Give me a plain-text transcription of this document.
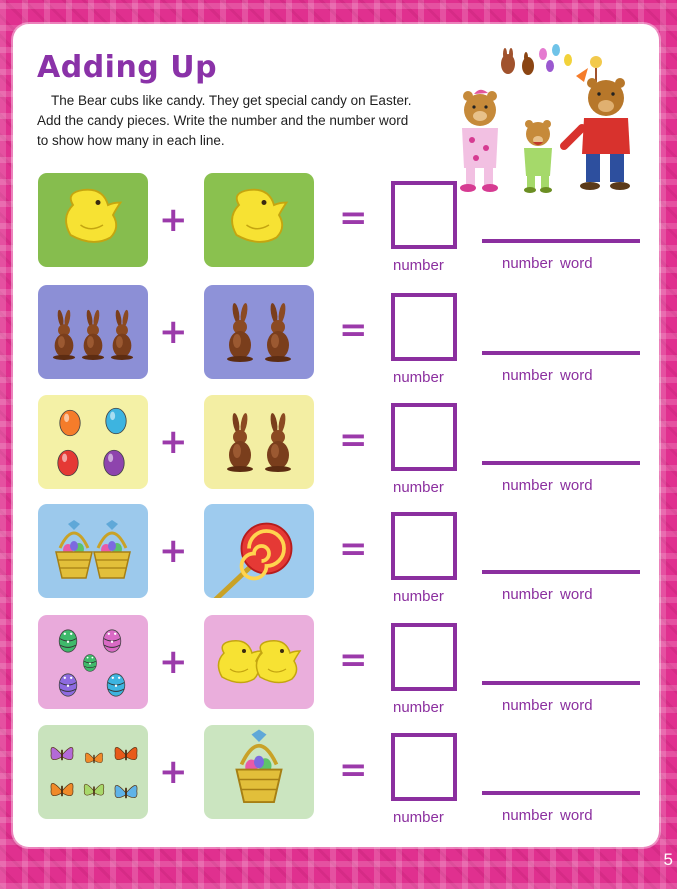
Adding Up

The Bear cubs like candy. They get special candy on Easter. Add the candy pieces. Write the number and the number word to show how many in each line.

+	=
number	number word
+	=
number	number word
+	=
number	number word
+	=
number	number word
+	=
number	number word
+	=
number	number word
5
